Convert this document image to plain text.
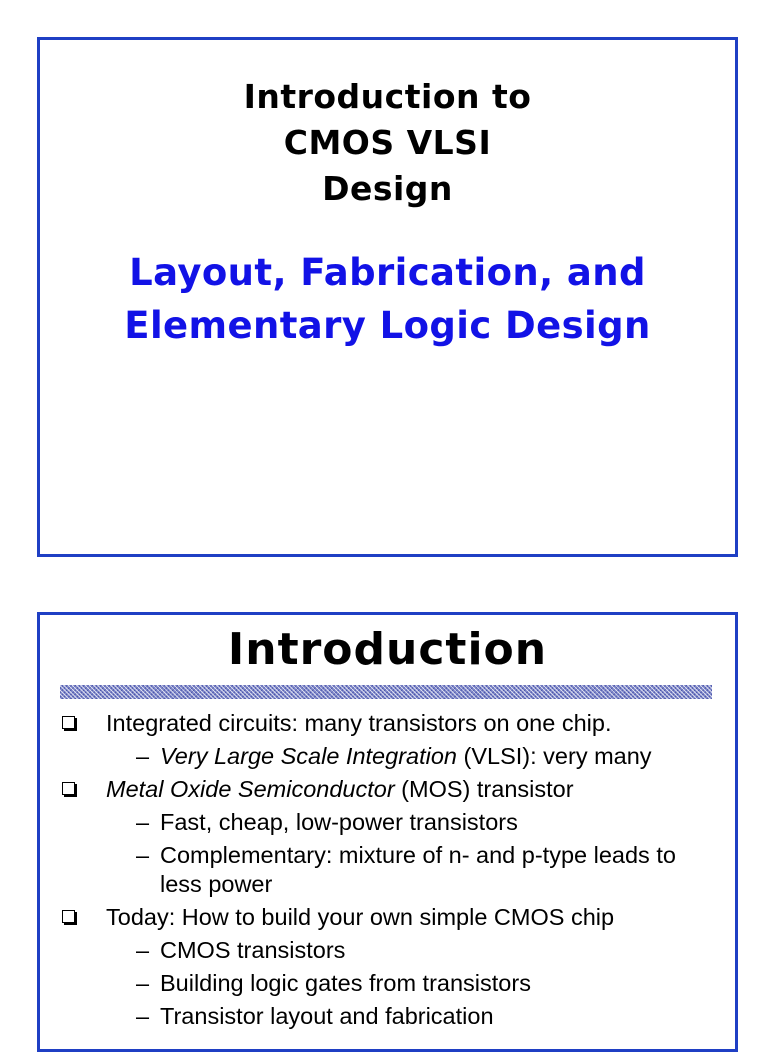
Introduction to
CMOS VLSI
Design
Layout, Fabrication, and
Elementary Logic Design
Introduction
Integrated circuits: many transistors on one chip.
– Very Large Scale Integration (VLSI): very many
Metal Oxide Semiconductor (MOS) transistor
– Fast, cheap, low-power transistors
– Complementary: mixture of n- and p-type leads to less power
Today: How to build your own simple CMOS chip
– CMOS transistors
– Building logic gates from transistors
– Transistor layout and fabrication
